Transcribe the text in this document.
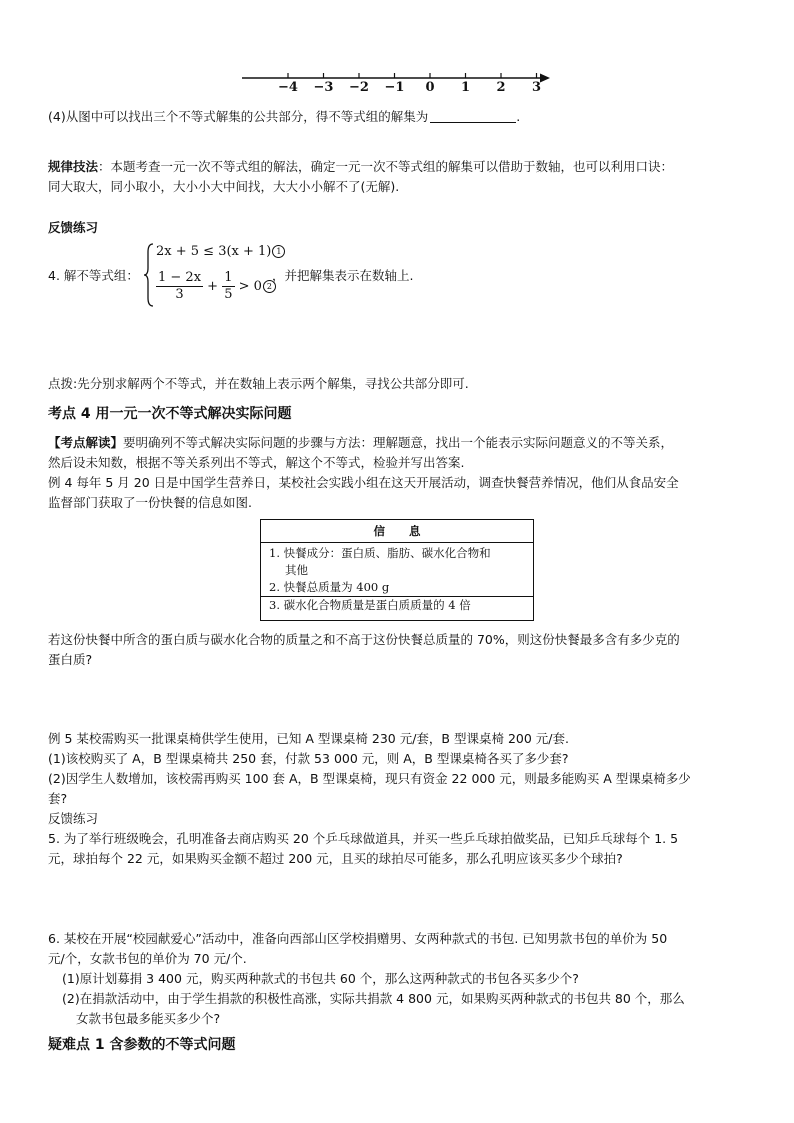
−4	−3	−2	−1	0	1	2	3
(4)从图中可以找出三个不等式解集的公共部分，得不等式组的解集为	.
规律技法：本题考查一元一次不等式组的解法，确定一元一次不等式组的解集可以借助于数轴，也可以利用口诀：
同大取大，同小取小，大小小大中间找，大大小小解不了(无解).
反馈练习
4. 解不等式组：
2x + 5 ≤ 3(x + 1) 1
$\frac{1 - 2x}{3} + \frac{1}{5} > 0$ 2
，并把解集表示在数轴上.
点拨:先分别求解两个不等式，并在数轴上表示两个解集，寻找公共部分即可.
考点 4 用一元一次不等式解决实际问题
【考点解读】要明确列不等式解决实际问题的步骤与方法：理解题意，找出一个能表示实际问题意义的不等关系，
然后设未知数，根据不等关系列出不等式，解这个不等式，检验并写出答案.
例 4 每年 5 月 20 日是中国学生营养日，某校社会实践小组在这天开展活动，调查快餐营养情况，他们从食品安全
监督部门获取了一份快餐的信息如图.
信息
1. 快餐成分：蛋白质、脂肪、碳水化合物和
其他
2. 快餐总质量为 400 g
3. 碳水化合物质量是蛋白质质量的 4 倍
若这份快餐中所含的蛋白质与碳水化合物的质量之和不高于这份快餐总质量的 70%，则这份快餐最多含有多少克的
蛋白质?
例 5 某校需购买一批课桌椅供学生使用，已知 A 型课桌椅 230 元/套，B 型课桌椅 200 元/套.
(1)该校购买了 A，B 型课桌椅共 250 套，付款 53 000 元，则 A，B 型课桌椅各买了多少套?
(2)因学生人数增加，该校需再购买 100 套 A，B 型课桌椅，现只有资金 22 000 元，则最多能购买 A 型课桌椅多少
套?
反馈练习
5. 为了举行班级晚会，孔明准备去商店购买 20 个乒乓球做道具，并买一些乒乓球拍做奖品，已知乒乓球每个 1. 5
元，球拍每个 22 元，如果购买金额不超过 200 元，且买的球拍尽可能多，那么孔明应该买多少个球拍?
6. 某校在开展“校园献爱心”活动中，准备向西部山区学校捐赠男、女两种款式的书包. 已知男款书包的单价为 50
元/个，女款书包的单价为 70 元/个.
(1)原计划募捐 3 400 元，购买两种款式的书包共 60 个，那么这两种款式的书包各买多少个?
(2)在捐款活动中，由于学生捐款的积极性高涨，实际共捐款 4 800 元，如果购买两种款式的书包共 80 个，那么
女款书包最多能买多少个?
疑难点 1 含参数的不等式问题
